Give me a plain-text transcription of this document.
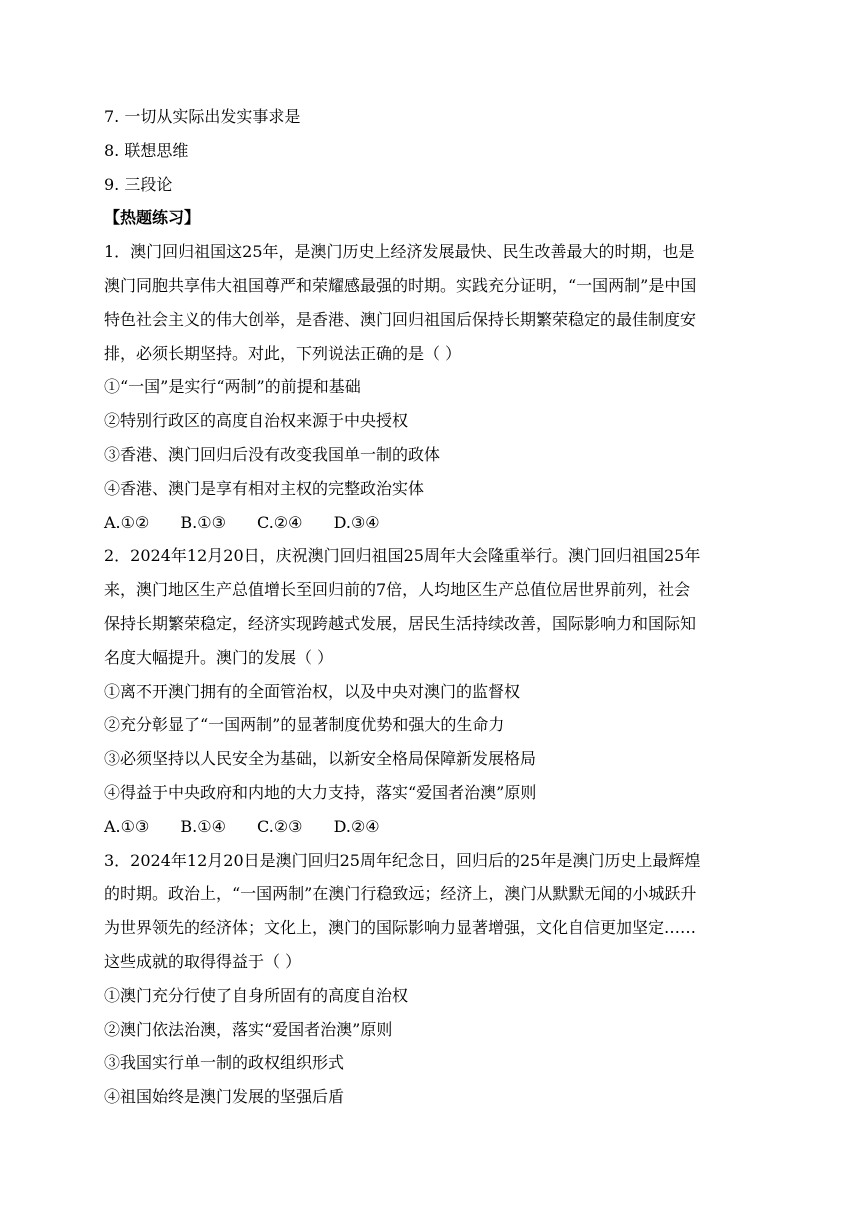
7. 一切从实际出发实事求是

8. 联想思维

9. 三段论

【热题练习】

1．澳门回归祖国这25年，是澳门历史上经济发展最快、民生改善最大的时期，也是

澳门同胞共享伟大祖国尊严和荣耀感最强的时期。实践充分证明，“一国两制”是中国

特色社会主义的伟大创举，是香港、澳门回归祖国后保持长期繁荣稳定的最佳制度安

排，必须长期坚持。对此，下列说法正确的是（ ）

①“一国”是实行“两制”的前提和基础

②特别行政区的高度自治权来源于中央授权

③香港、澳门回归后没有改变我国单一制的政体

④香港、澳门是享有相对主权的完整政治实体

A.①② B.①③ C.②④ D.③④

2．2024年12月20日，庆祝澳门回归祖国25周年大会隆重举行。澳门回归祖国25年

来，澳门地区生产总值增长至回归前的7倍，人均地区生产总值位居世界前列，社会

保持长期繁荣稳定，经济实现跨越式发展，居民生活持续改善，国际影响力和国际知

名度大幅提升。澳门的发展（ ）

①离不开澳门拥有的全面管治权，以及中央对澳门的监督权

②充分彰显了“一国两制”的显著制度优势和强大的生命力

③必须坚持以人民安全为基础，以新安全格局保障新发展格局

④得益于中央政府和内地的大力支持，落实“爱国者治澳”原则

A.①③ B.①④ C.②③ D.②④

3．2024年12月20日是澳门回归25周年纪念日，回归后的25年是澳门历史上最辉煌

的时期。政治上，“一国两制”在澳门行稳致远；经济上，澳门从默默无闻的小城跃升

为世界领先的经济体；文化上，澳门的国际影响力显著增强，文化自信更加坚定……

这些成就的取得得益于（ ）

①澳门充分行使了自身所固有的高度自治权

②澳门依法治澳，落实“爱国者治澳”原则

③我国实行单一制的政权组织形式

④祖国始终是澳门发展的坚强后盾
